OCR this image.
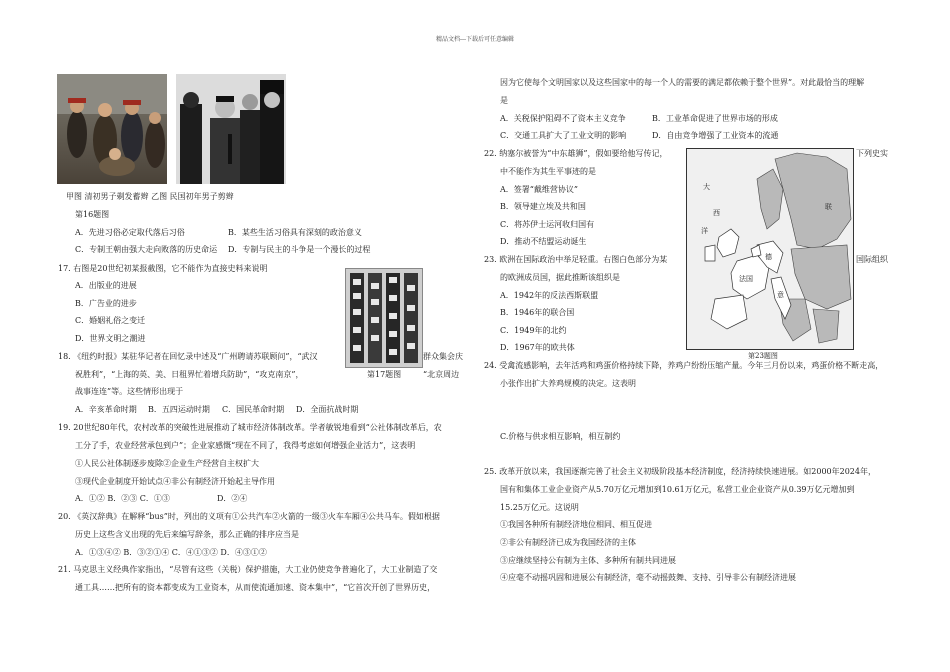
精品文档---下载后可任意编辑
甲图 清初男子剃发蓄辫 乙图 民国初年男子剪辫
第16题图
A．先进习俗必定取代落后习俗	B．某些生活习俗具有深刻的政治意义
C．专制王朝由强大走向败落的历史命运 D．专制与民主的斗争是一个漫长的过程
17. 右图是20世纪初某报截图，它不能作为直接史料来说明
A．出版业的进展
B．广告业的进步
C．婚姻礼俗之变迁
D．世界文明之潮进
第17题图
18. 《纽约时报》某驻华记者在回忆录中述及“广州聘请苏联顾问”，“武汉	群众集会庆
祝胜利”，“上海的英、美、日租界忙着增兵防助”，“攻克南京”，	“北京周边
战事连连”等。这些情形出现于
A．辛亥革命时期 B．五四运动时期 C．国民革命时期 D．全面抗战时期
19. 20世纪80年代，农村改革的突破性进展推动了城市经济体制改革。学者敏锐地看到“公社体制改革后，农
工分了手，农业经营承包到户”；企业家感慨“现在不同了，我得考虑如何增强企业活力”，这表明
①人民公社体制逐步废除②企业生产经营自主权扩大
③现代企业制度开始试点④非公有制经济开始起主导作用
A．①② B．②③ C．①③	D．②④
20. 《英汉辞典》在解释“bus”时，列出的义项有①公共汽车②火箭的一级③火车车厢④公共马车。假如根据
历史上这些含义出现的先后来编写辞条，那么正确的排序应当是
A．①③④② B．③②①④ C．④①③② D．④③①②
21. 马克思主义经典作家指出，“尽管有这些（关税）保护措施，大工业仍使竞争普遍化了，大工业制造了交
通工具……把所有的资本都变成为工业资本，从而使流通加速、资本集中”，“它首次开创了世界历史，
因为它使每个文明国家以及这些国家中的每一个人的需要的满足都依赖于整个世界”。对此最恰当的理解
是
A．关税保护阻碍不了资本主义竞争	B．工业革命促进了世界市场的形成
C．交通工具扩大了工业文明的影响	D．自由竞争增强了工业资本的流通
22. 纳塞尔被誉为“中东雄狮”，假如要给他写传记，	下列史实
中不能作为其生平事迹的是
A．签署“戴维营协议”
B．领导建立埃及共和国
C．将苏伊士运河收归国有
D．推动不结盟运动诞生
23. 欧洲在国际政治中举足轻重。右图白色部分为某	国际组织
的欧洲成员国，据此推断该组织是
A．1942年的反法西斯联盟
B．1946年的联合国
C．1949年的北约
D．1967年的欧共体
大
西
洋
法国
德
意
联
第23题图
24. 受禽流感影响，去年活鸡和鸡蛋价格持续下降，养鸡户纷纷压缩产量。今年三月份以来，鸡蛋价格不断走高，
小张作出扩大养鸡规模的决定。这表明
C.价格与供求相互影响，相互制约
25. 改革开放以来，我国逐渐完善了社会主义初级阶段基本经济制度，经济持续快速进展。如2000年2024年，
国有和集体工业企业资产从5.70万亿元增加到10.61万亿元，私营工业企业资产从0.39万亿元增加到
15.25万亿元。这说明
①我国各种所有制经济地位相同、相互促进
②非公有制经济已成为我国经济的主体
③应继续坚持公有制为主体、多种所有制共同进展
④应毫不动摇巩固和进展公有制经济，毫不动摇鼓舞、支持、引导非公有制经济进展
